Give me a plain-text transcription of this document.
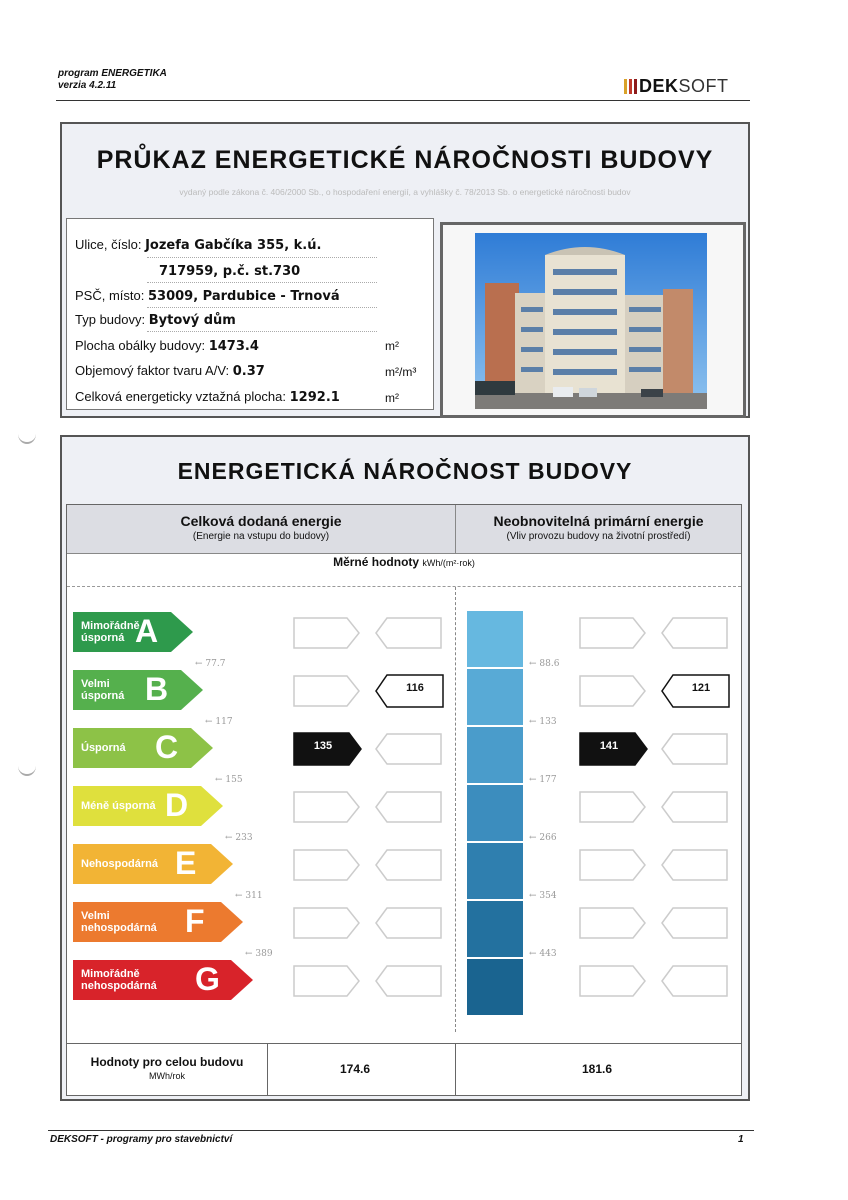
program ENERGETIKA
verzia 4.2.11	DEKSOFT
PRŮKAZ ENERGETICKÉ NÁROČNOSTI BUDOVY
vydaný podle zákona č. 406/2000 Sb., o hospodaření energií, a vyhlášky č. 78/2013 Sb. o energetické náročnosti budov
Ulice, číslo: Jozefa Gabčíka 355, k.ú.
717959, p.č. st.730
PSČ, místo: 53009, Pardubice - Trnová
Typ budovy: Bytový dům
Plocha obálky budovy: 1473.4	m²
Objemový faktor tvaru A/V: 0.37	m²/m³
Celková energeticky vztažná plocha: 1292.1	m²
ENERGETICKÁ NÁROČNOST BUDOVY
Celková dodaná energie
(Energie na vstupu do budovy)
Neobnovitelná primární energie
(Vliv provozu budovy na životní prostředí)
Měrné hodnoty kWh/(m²·rok)
Mimořádně
úsporná A
Velmi
úsporná B
Úsporná C
Méně úsporná D
Nehospodárná E
Velmi
nehospodárná F
Mimořádně
nehospodárná G
← 77.7
← 117
← 155
← 233
← 311
← 389
← 88.6
← 133
← 177
← 266
← 354
← 443
135
116
141
121
Hodnoty pro celou budovu
MWh/rok	174.6	181.6
DEKSOFT - programy pro stavebnictví	1
